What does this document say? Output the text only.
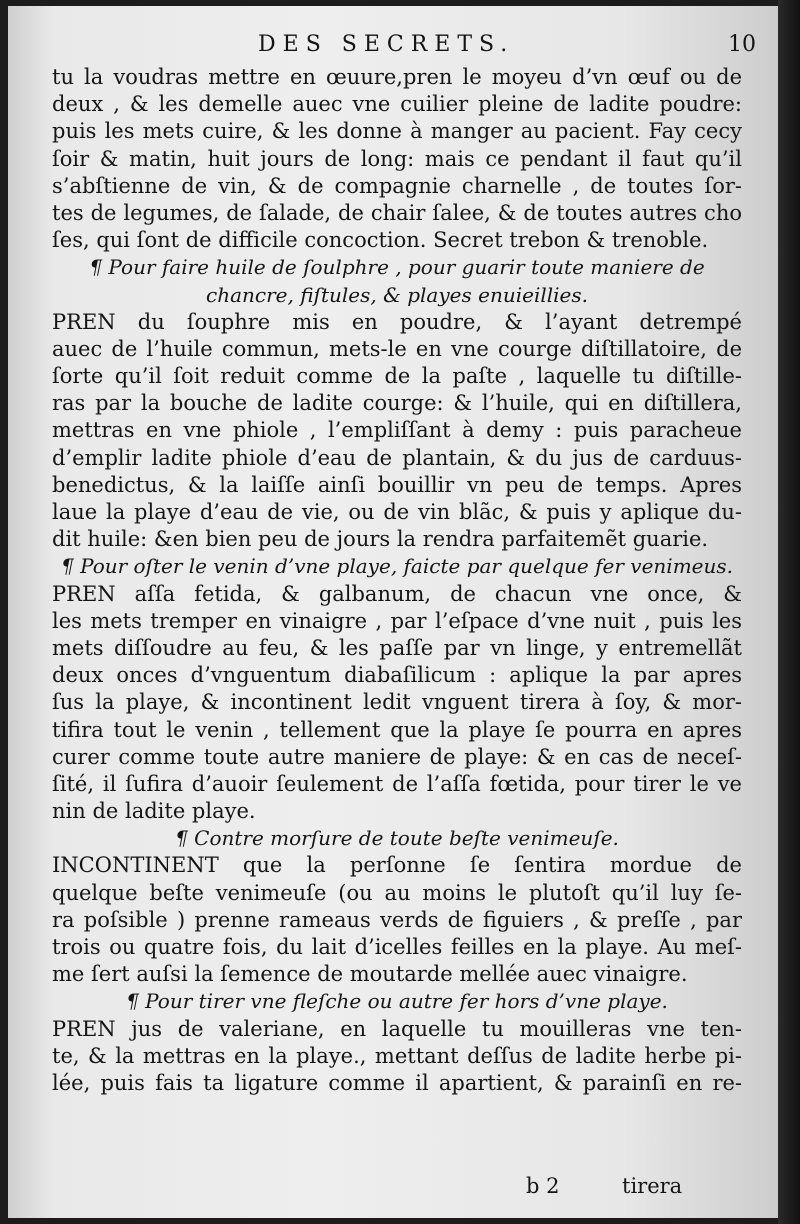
DES SECRETS.	10
tu la voudras mettre en œuure,pren le moyeu d’vn œuf ou de
deux , & les demelle auec vne cuilier pleine de ladite poudre:
puis les mets cuire, & les donne à manger au pacient. Fay cecy
ſoir & matin, huit jours de long: mais ce pendant il faut qu’il
s’abſtienne de vin, & de compagnie charnelle , de toutes ſor-
tes de legumes, de ſalade, de chair ſalee, & de toutes autres cho
ſes, qui ſont de difficile concoction. Secret trebon & trenoble.
¶ Pour faire huile de ſoulphre , pour guarir toute maniere de
chancre, fiſtules, & playes enuieillies.
PREN du ſouphre mis en poudre, & l’ayant detrempé
auec de l’huile commun, mets-le en vne courge diſtillatoire, de
ſorte qu’il ſoit reduit comme de la paſte , laquelle tu diſtille-
ras par la bouche de ladite courge: & l’huile, qui en diſtillera,
mettras en vne phiole , l’empliſſant à demy : puis paracheue
d’emplir ladite phiole d’eau de plantain, & du jus de carduus-
benedictus, & la laiſſe ainſi bouillir vn peu de temps. Apres
laue la playe d’eau de vie, ou de vin blãc, & puis y aplique du-
dit huile: &en bien peu de jours la rendra parfaitemẽt guarie.
¶ Pour oſter le venin d’vne playe, faicte par quelque fer venimeus.
PREN aſſa fetida, & galbanum, de chacun vne once, &
les mets tremper en vinaigre , par l’eſpace d’vne nuit , puis les
mets diſſoudre au feu, & les paſſe par vn linge, y entremellãt
deux onces d’vnguentum diabaſilicum : aplique la par apres
ſus la playe, & incontinent ledit vnguent tirera à ſoy, & mor-
tifira tout le venin , tellement que la playe ſe pourra en apres
curer comme toute autre maniere de playe: & en cas de neceſ-
ſité, il ſufira d’auoir ſeulement de l’aſſa fœtida, pour tirer le ve
nin de ladite playe.
¶ Contre morſure de toute beſte venimeuſe.
INCONTINENT que la perſonne ſe ſentira mordue de
quelque beſte venimeuſe (ou au moins le plutoſt qu’il luy ſe-
ra poſsible ) prenne rameaus verds de figuiers , & preſſe , par
trois ou quatre fois, du lait d’icelles feilles en la playe. Au meſ-
me ſert auſsi la ſemence de moutarde mellée auec vinaigre.
¶ Pour tirer vne fleſche ou autre fer hors d’vne playe.
PREN jus de valeriane, en laquelle tu mouilleras vne ten-
te, & la mettras en la playe., mettant deſſus de ladite herbe pi-
lée, puis fais ta ligature comme il apartient, & parainſi en re-
b 2	tirera
